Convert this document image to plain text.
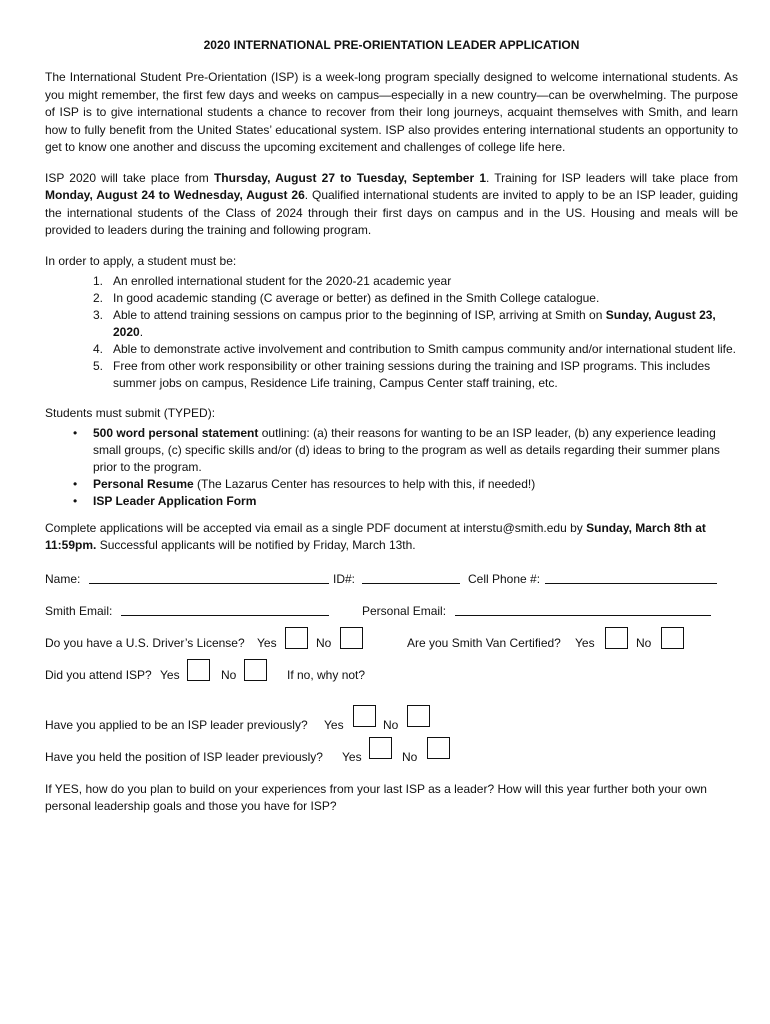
2020 INTERNATIONAL PRE-ORIENTATION LEADER APPLICATION

The International Student Pre-Orientation (ISP) is a week-long program specially designed to welcome international students. As you might remember, the first few days and weeks on campus—especially in a new country—can be overwhelming. The purpose of ISP is to give international students a chance to recover from their long journeys, acquaint themselves with Smith, and learn how to fully benefit from the United States’ educational system. ISP also provides entering international students an opportunity to get to know one another and discuss the upcoming excitement and challenges of college life here.

ISP 2020 will take place from Thursday, August 27 to Tuesday, September 1. Training for ISP leaders will take place from Monday, August 24 to Wednesday, August 26. Qualified international students are invited to apply to be an ISP leader, guiding the international students of the Class of 2024 through their first days on campus and in the US. Housing and meals will be provided to leaders during the training and following program.

In order to apply, a student must be:

1. An enrolled international student for the 2020-21 academic year
2. In good academic standing (C average or better) as defined in the Smith College catalogue.
3. Able to attend training sessions on campus prior to the beginning of ISP, arriving at Smith on Sunday, August 23, 2020.
4. Able to demonstrate active involvement and contribution to Smith campus community and/or international student life.
5. Free from other work responsibility or other training sessions during the training and ISP programs. This includes summer jobs on campus, Residence Life training, Campus Center staff training, etc.

Students must submit (TYPED):

• 500 word personal statement outlining: (a) their reasons for wanting to be an ISP leader, (b) any experience leading small groups, (c) specific skills and/or (d) ideas to bring to the program as well as details regarding their summer plans prior to the program.
• Personal Resume (The Lazarus Center has resources to help with this, if needed!)
• ISP Leader Application Form

Complete applications will be accepted via email as a single PDF document at interstu@smith.edu by Sunday, March 8th at 11:59pm. Successful applicants will be notified by Friday, March 13th.

Name:	ID#:	Cell Phone #:
Smith Email:	Personal Email:
Do you have a U.S. Driver’s License? Yes	No	Are you Smith Van Certified? Yes	No
Did you attend ISP? Yes	No	If no, why not?
Have you applied to be an ISP leader previously? Yes	No
Have you held the position of ISP leader previously? Yes	No

If YES, how do you plan to build on your experiences from your last ISP as a leader? How will this year further both your own personal leadership goals and those you have for ISP?
